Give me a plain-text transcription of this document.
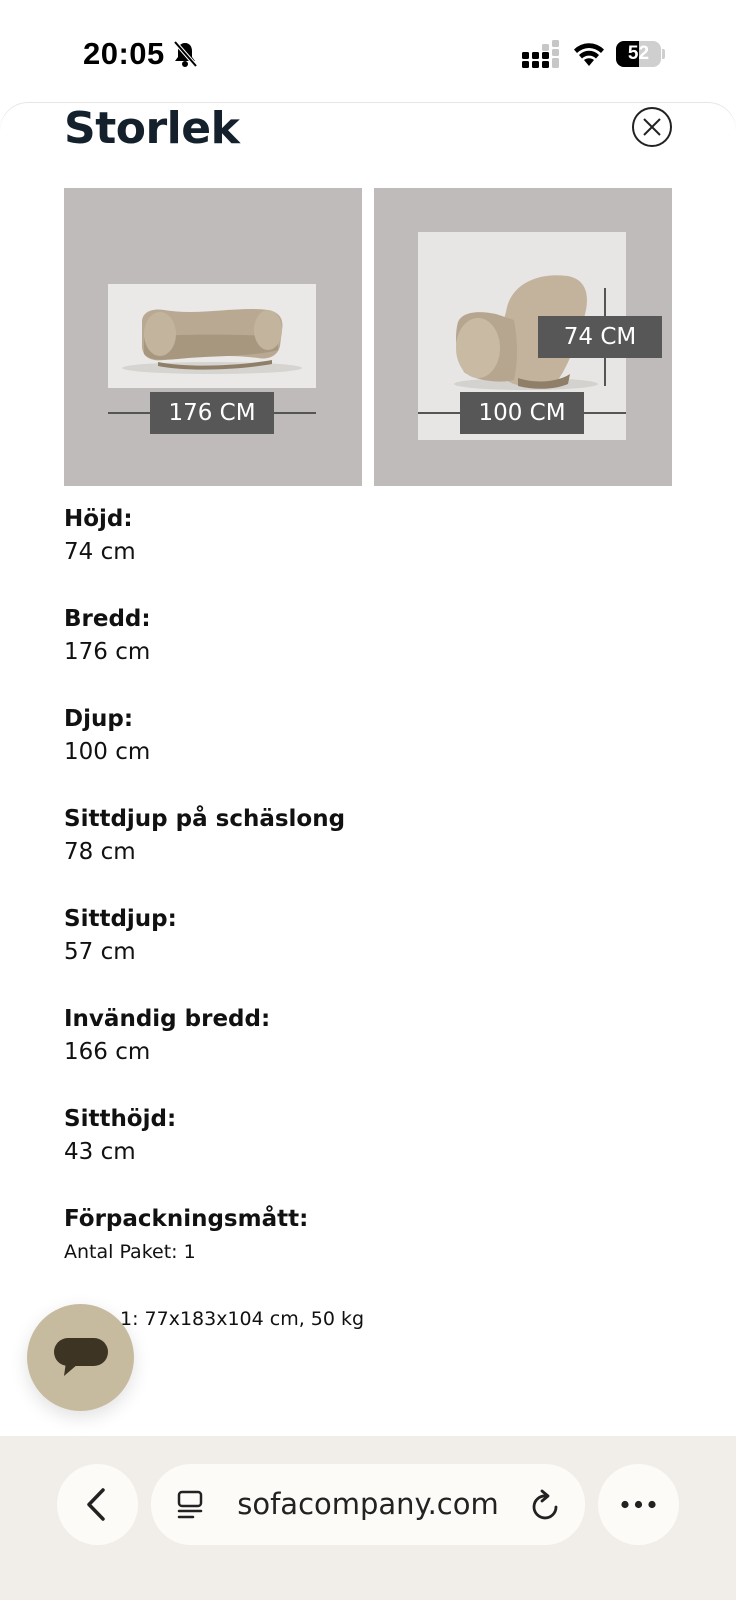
20:05	52
Storlek
176 CM	100 CM
74 CM
Höjd:
74 cm
Bredd:
176 cm
Djup:
100 cm
Sittdjup på schäslong
78 cm
Sittdjup:
57 cm
Invändig bredd:
166 cm
Sitthöjd:
43 cm
Förpackningsmått:
Antal Paket: 1
1: 77x183x104 cm, 50 kg
sofacompany.com
